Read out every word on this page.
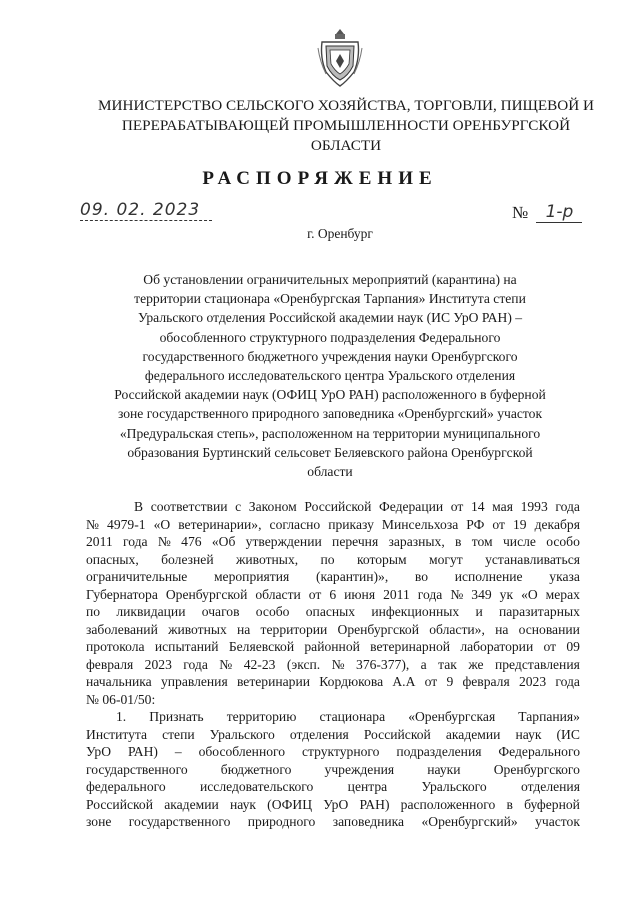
МИНИСТЕРСТВО СЕЛЬСКОГО ХОЗЯЙСТВА, ТОРГОВЛИ, ПИЩЕВОЙ И
ПЕРЕРАБАТЫВАЮЩЕЙ ПРОМЫШЛЕННОСТИ ОРЕНБУРГСКОЙ
ОБЛАСТИ
РАСПОРЯЖЕНИЕ
09. 02. 2023	№ 1-р
г. Оренбург
Об установлении ограничительных мероприятий (карантина) на
территории стационара «Оренбургская Тарпания» Института степи
Уральского отделения Российской академии наук (ИС УрО РАН) –
обособленного структурного подразделения Федерального
государственного бюджетного учреждения науки Оренбургского
федерального исследовательского центра Уральского отделения
Российской академии наук (ОФИЦ УрО РАН) расположенного в буферной
зоне государственного природного заповедника «Оренбургский» участок
«Предуральская степь», расположенном на территории муниципального
образования Буртинский сельсовет Беляевского района Оренбургской
области
В соответствии с Законом Российской Федерации от 14 мая 1993 года
№ 4979-1 «О ветеринарии», согласно приказу Минсельхоза РФ от 19 декабря
2011 года № 476 «Об утверждении перечня заразных, в том числе особо
опасных, болезней животных, по которым могут устанавливаться
ограничительные мероприятия (карантин)», во исполнение указа
Губернатора Оренбургской области от 6 июня 2011 года № 349 ук «О мерах
по ликвидации очагов особо опасных инфекционных и паразитарных
заболеваний животных на территории Оренбургской области», на основании
протокола испытаний Беляевской районной ветеринарной лаборатории от 09
февраля 2023 года № 42-23 (эксп. № 376-377), а так же представления
начальника управления ветеринарии Кордюкова А.А от 9 февраля 2023 года
№ 06-01/50:
1. Признать территорию стационара «Оренбургская Тарпания»
Института степи Уральского отделения Российской академии наук (ИС
УрО РАН) – обособленного структурного подразделения Федерального
государственного бюджетного учреждения науки Оренбургского
федерального	исследовательского	центра	Уральского	отделения
Российской академии наук (ОФИЦ УрО РАН) расположенного в буферной
зоне государственного природного заповедника «Оренбургский» участок
